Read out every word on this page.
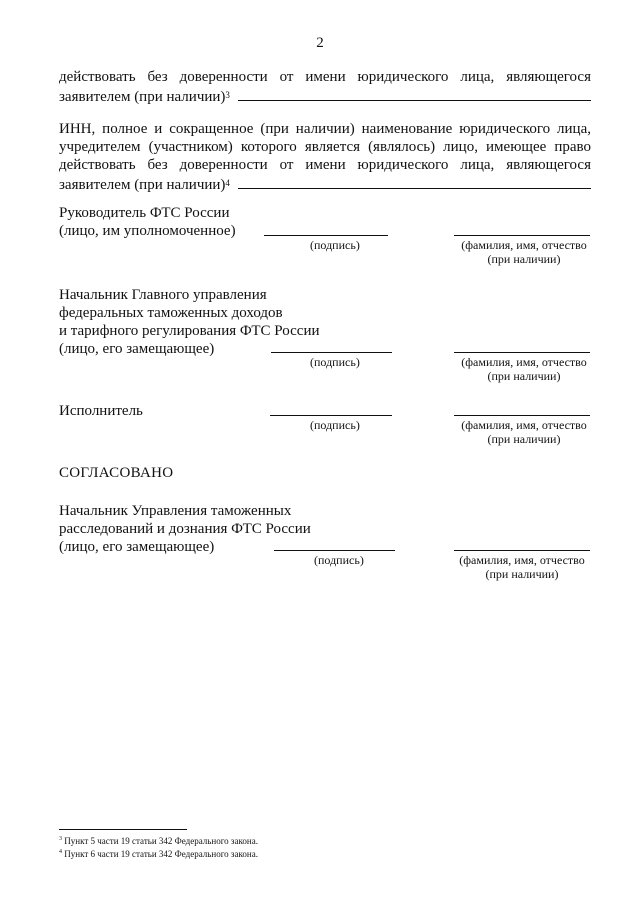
2
действовать без доверенности от имени юридического лица, являющегося
заявителем (при наличии)$^3$
ИНН, полное и сокращенное (при наличии) наименование юридического лица,
учредителем (участником) которого является (являлось) лицо, имеющее право
действовать без доверенности от имени юридического лица, являющегося
заявителем (при наличии)$^4$
Руководитель ФТС России
(лицо, им уполномоченное)
(подпись)	(фамилия, имя, отчество
(при наличии)
Начальник Главного управления
федеральных таможенных доходов
и тарифного регулирования ФТС России
(лицо, его замещающее)
(подпись)	(фамилия, имя, отчество
(при наличии)
Исполнитель
(подпись)	(фамилия, имя, отчество
(при наличии)
СОГЛАСОВАНО
Начальник Управления таможенных
расследований и дознания ФТС России
(лицо, его замещающее)
(подпись)	(фамилия, имя, отчество
(при наличии)
$^3$ Пункт 5 части 19 статьи 342 Федерального закона.
$^4$ Пункт 6 части 19 статьи 342 Федерального закона.
